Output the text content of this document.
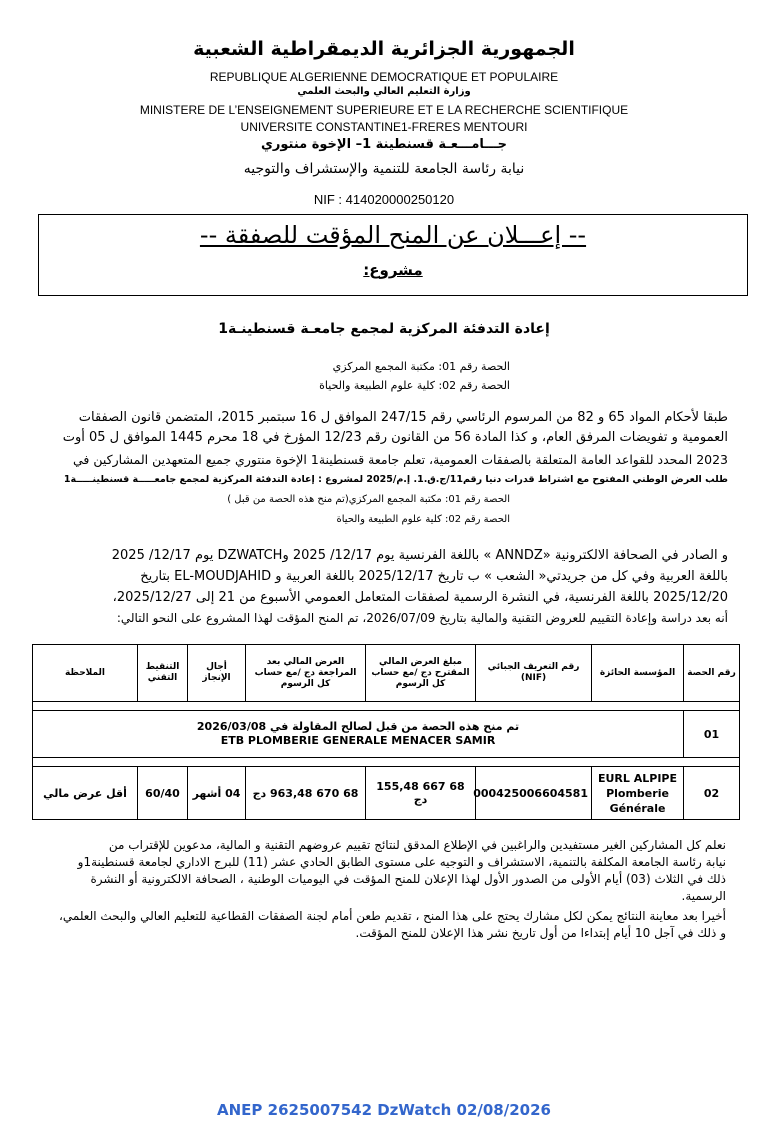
الجمهورية الجزائرية الديمقراطية الشعبية
REPUBLIQUE ALGERIENNE DEMOCRATIQUE ET POPULAIRE
وزارة التعليم العالي والبحث العلمي
MINISTERE DE L’ENSEIGNEMENT SUPERIEURE ET E LA RECHERCHE SCIENTIFIQUE
UNIVERSITE CONSTANTINE1-FRERES MENTOURI
جـــامـــعـة قسنطينة 1– الإخوة منتوري
نيابة رئاسة الجامعة للتنمية والإستشراف والتوجيه
NIF : 414020000250120
-- إعـــلان عن المنح المؤقت للصفقة --
مشروع:
إعادة التدفئة المركزية لمجمع جامعـة قسنطينـة1
الحصة رقم 01: مكتبة المجمع المركزي
الحصة رقم 02: كلية علوم الطبيعة والحياة
طبقا لأحكام المواد 65 و 82 من المرسوم الرئاسي رقم 247/15 الموافق ل 16 سبتمبر 2015، المتضمن قانون الصفقات
العمومية و تفويضات المرفق العام، و كذا المادة 56 من القانون رقم 12/23 المؤرخ في 18 محرم 1445 الموافق ل 05 أوت
2023 المحدد للقواعد العامة المتعلقة بالصفقات العمومية، تعلم جامعة قسنطينة1 الإخوة منتوري جميع المتعهدين المشاركين في
طلب العرض الوطني المفتوح مع اشتراط قدرات دنيا رقم11/ج.ق.1. إ.م/2025 لمشروع : إعادة التدفئة المركزية لمجمع جامعـــــة قسنطينـــــة1
الحصة رقم 01: مكتبة المجمع المركزي(تم منح هذه الحصة من قبل )
الحصة رقم 02: كلية علوم الطبيعة والحياة
و الصادر في الصحافة الالكترونية «ANNDZ » باللغة الفرنسية يوم 12/17/ 2025 وDZWATCH يوم 12/17/ 2025
باللغة العربية وفي كل من جريدتي« الشعب » ب تاريخ 2025/12/17 باللغة العربية و EL-MOUDJAHID بتاريخ
2025/12/20 باللغة الفرنسية، في النشرة الرسمية لصفقات المتعامل العمومي الأسبوع من 21 إلى 2025/12/27،
أنه بعد دراسة وإعادة التقييم للعروض التقنية والمالية بتاريخ 2026/07/09، تم المنح المؤقت لهذا المشروع على النحو التالي:
رقم الحصة	المؤسسة الحائزة	رقم التعريف الجبائي (NIF)	مبلغ العرض المالي المقترح دج /مع حساب كل الرسوم	العرض المالي بعد المراجعة دج /مع حساب كل الرسوم	أجال الإنجاز	التنقيط التقني	الملاحظة

01	تم منح هذه الحصة من قبل لصالح المقاولة في 2026/03/08
ETB PLOMBERIE GENERALE MENACER SAMIR						

02	EURL ALPIPE
Plomberie
Générale	000425006604581	68 667 155,48 دج	68 670 963,48 دج	04 أشهر	60/40	أقل عرض مالي
نعلم كل المشاركين الغير مستفيدين والراغبين في الإطلاع المدقق لنتائج تقييم عروضهم التقنية و المالية، مدعوين للإقتراب من
نيابة رئاسة الجامعة المكلفة بالتنمية، الاستشراف و التوجيه على مستوى الطابق الحادي عشر (11) للبرج الاداري لجامعة قسنطينة1و
ذلك في الثلاث (03) أيام الأولى من الصدور الأول لهذا الإعلان للمنح المؤقت في اليوميات الوطنية ، الصحافة الالكترونية أو النشرة
الرسمية.
أخيرا بعد معاينة النتائج يمكن لكل مشارك يحتج على هذا المنح ، تقديم طعن أمام لجنة الصفقات القطاعية للتعليم العالي والبحث العلمي،
و ذلك في آجل 10 أيام إبتداءا من أول تاريخ نشر هذا الإعلان للمنح المؤقت.
ANEP 2625007542 DzWatch 02/08/2026
